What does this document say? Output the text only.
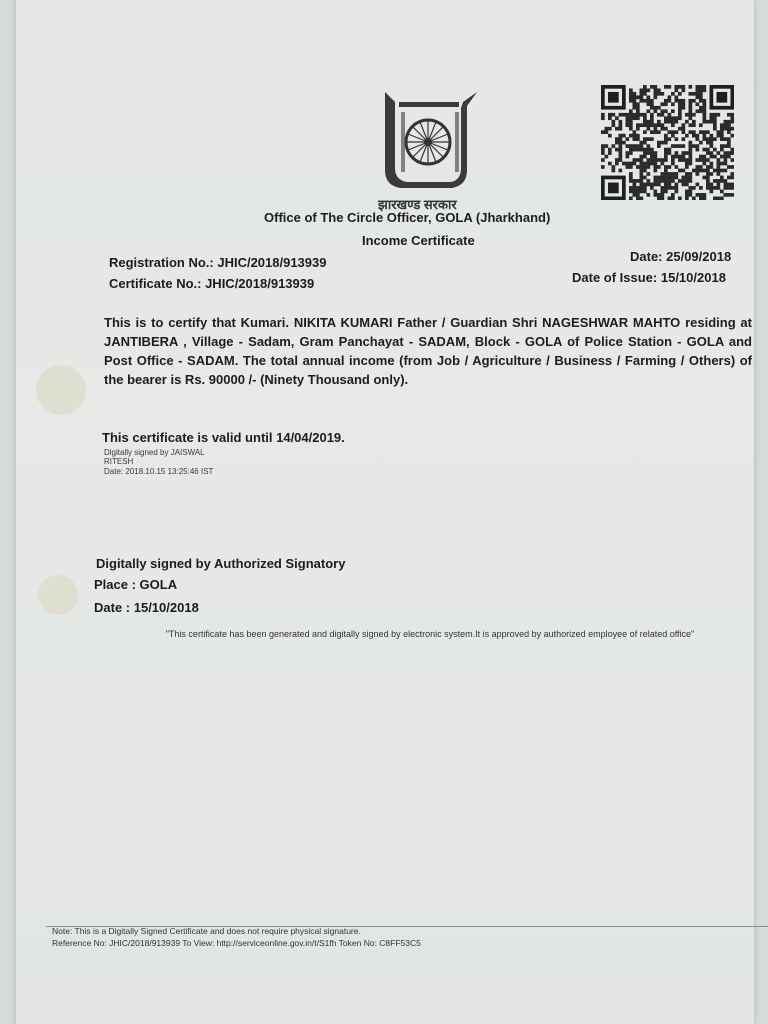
झारखण्ड सरकार
Office of The Circle Officer, GOLA (Jharkhand)
Income Certificate
Registration No.: JHIC/2018/913939
Certificate No.: JHIC/2018/913939
Date: 25/09/2018
Date of Issue: 15/10/2018
This is to certify that Kumari. NIKITA KUMARI Father / Guardian Shri NAGESHWAR MAHTO residing at JANTIBERA , Village - Sadam, Gram Panchayat - SADAM, Block - GOLA of Police Station - GOLA and Post Office - SADAM. The total annual income (from Job / Agriculture / Business / Farming / Others) of the bearer is Rs. 90000 /- (Ninety Thousand only).
This certificate is valid until 14/04/2019.
Digitally signed by JAISWAL
RITESH
Date: 2018.10.15 13:25:46 IST
Digitally signed by Authorized Signatory
Place : GOLA
Date : 15/10/2018
"This certificate has been generated and digitally signed by electronic system.It is approved by authorized employee of related office"
Note: This is a Digitally Signed Certificate and does not require physical signature.
Reference No: JHIC/2018/913939 To View: http://serviceonline.gov.in/t/S1fh Token No: C8FF53C5
